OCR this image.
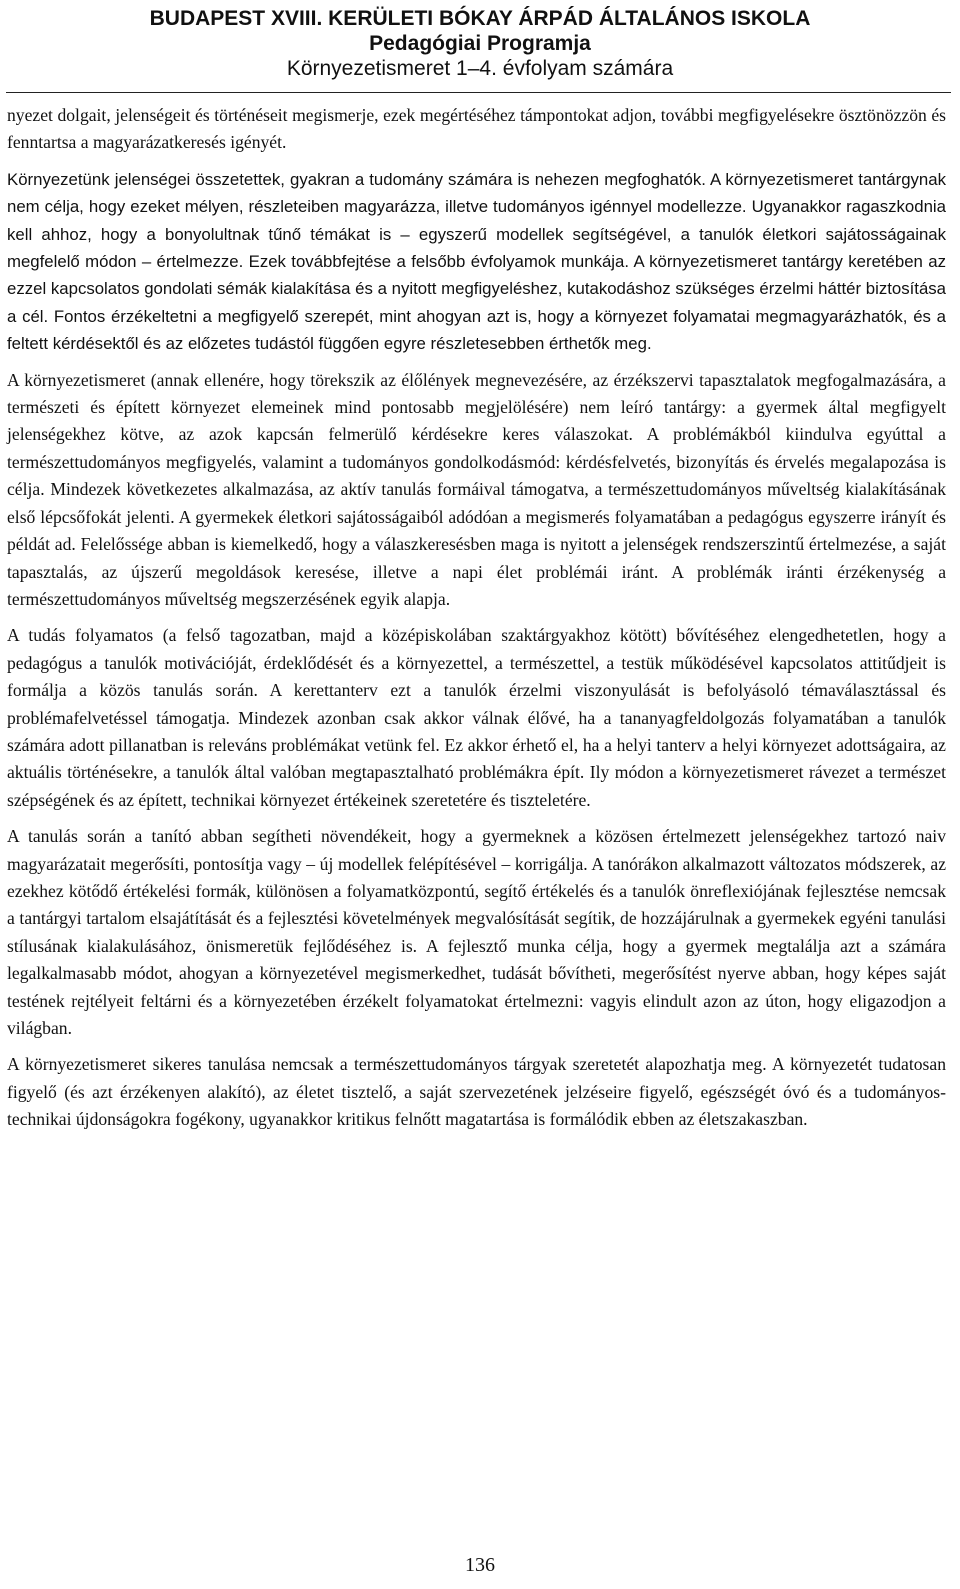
BUDAPEST XVIII. KERÜLETI BÓKAY ÁRPÁD ÁLTALÁNOS ISKOLA
Pedagógiai Programja
Környezetismeret 1–4. évfolyam számára

nyezet dolgait, jelenségeit és történéseit megismerje, ezek megértéséhez támpontokat adjon, további megfigyelésekre ösztönözzön és fenntartsa a magyarázatkeresés igényét.

Környezetünk jelenségei összetettek, gyakran a tudomány számára is nehezen megfoghatók. A környezetismeret tantárgynak nem célja, hogy ezeket mélyen, részleteiben magyarázza, illetve tudományos igénnyel modellezze. Ugyanakkor ragaszkodnia kell ahhoz, hogy a bonyolultnak tűnő témákat is – egyszerű modellek segítségével, a tanulók életkori sajátosságainak megfelelő módon – értelmezze. Ezek továbbfejtése a felsőbb évfolyamok munkája. A környezetismeret tantárgy keretében az ezzel kapcsolatos gondolati sémák kialakítása és a nyitott megfigyeléshez, kutakodáshoz szükséges érzelmi háttér biztosítása a cél. Fontos érzékeltetni a megfigyelő szerepét, mint ahogyan azt is, hogy a környezet folyamatai megmagyarázhatók, és a feltett kérdésektől és az előzetes tudástól függően egyre részletesebben érthetők meg.

A környezetismeret (annak ellenére, hogy törekszik az élőlények megnevezésére, az érzékszervi tapasztalatok megfogalmazására, a természeti és épített környezet elemeinek mind pontosabb megjelölésére) nem leíró tantárgy: a gyermek által megfigyelt jelenségekhez kötve, az azok kapcsán felmerülő kérdésekre keres válaszokat. A problémákból kiindulva egyúttal a természettudományos megfigyelés, valamint a tudományos gondolkodásmód: kérdésfelvetés, bizonyítás és érvelés megalapozása is célja. Mindezek következetes alkalmazása, az aktív tanulás formáival támogatva, a természettudományos műveltség kialakításának első lépcsőfokát jelenti. A gyermekek életkori sajátosságaiból adódóan a megismerés folyamatában a pedagógus egyszerre irányít és példát ad. Felelőssége abban is kiemelkedő, hogy a válaszkeresésben maga is nyitott a jelenségek rendszerszintű értelmezése, a saját tapasztalás, az újszerű megoldások keresése, illetve a napi élet problémái iránt. A problémák iránti érzékenység a természettudományos műveltség megszerzésének egyik alapja.

A tudás folyamatos (a felső tagozatban, majd a középiskolában szaktárgyakhoz kötött) bővítéséhez elengedhetetlen, hogy a pedagógus a tanulók motivációját, érdeklődését és a környezettel, a természettel, a testük működésével kapcsolatos attitűdjeit is formálja a közös tanulás során. A kerettanterv ezt a tanulók érzelmi viszonyulását is befolyásoló témaválasztással és problémafelvetéssel támogatja. Mindezek azonban csak akkor válnak élővé, ha a tananyagfeldolgozás folyamatában a tanulók számára adott pillanatban is releváns problémákat vetünk fel. Ez akkor érhető el, ha a helyi tanterv a helyi környezet adottságaira, az aktuális történésekre, a tanulók által valóban megtapasztalható problémákra épít. Ily módon a környezetismeret rávezet a természet szépségének és az épített, technikai környezet értékeinek szeretetére és tiszteletére.

A tanulás során a tanító abban segítheti növendékeit, hogy a gyermeknek a közösen értelmezett jelenségekhez tartozó naiv magyarázatait megerősíti, pontosítja vagy – új modellek felépítésével – korrigálja. A tanórákon alkalmazott változatos módszerek, az ezekhez kötődő értékelési formák, különösen a folyamatközpontú, segítő értékelés és a tanulók önreflexiójának fejlesztése nemcsak a tantárgyi tartalom elsajátítását és a fejlesztési követelmények megvalósítását segítik, de hozzájárulnak a gyermekek egyéni tanulási stílusának kialakulásához, önismeretük fejlődéséhez is. A fejlesztő munka célja, hogy a gyermek megtalálja azt a számára legalkalmasabb módot, ahogyan a környezetével megismerkedhet, tudását bővítheti, megerősítést nyerve abban, hogy képes saját testének rejtélyeit feltárni és a környezetében érzékelt folyamatokat értelmezni: vagyis elindult azon az úton, hogy eligazodjon a világban.

A környezetismeret sikeres tanulása nemcsak a természettudományos tárgyak szeretetét alapozhatja meg. A környezetét tudatosan figyelő (és azt érzékenyen alakító), az életet tisztelő, a saját szervezetének jelzéseire figyelő, egészségét óvó és a tudományos-technikai újdonságokra fogékony, ugyanakkor kritikus felnőtt magatartása is formálódik ebben az életszakaszban.

136
